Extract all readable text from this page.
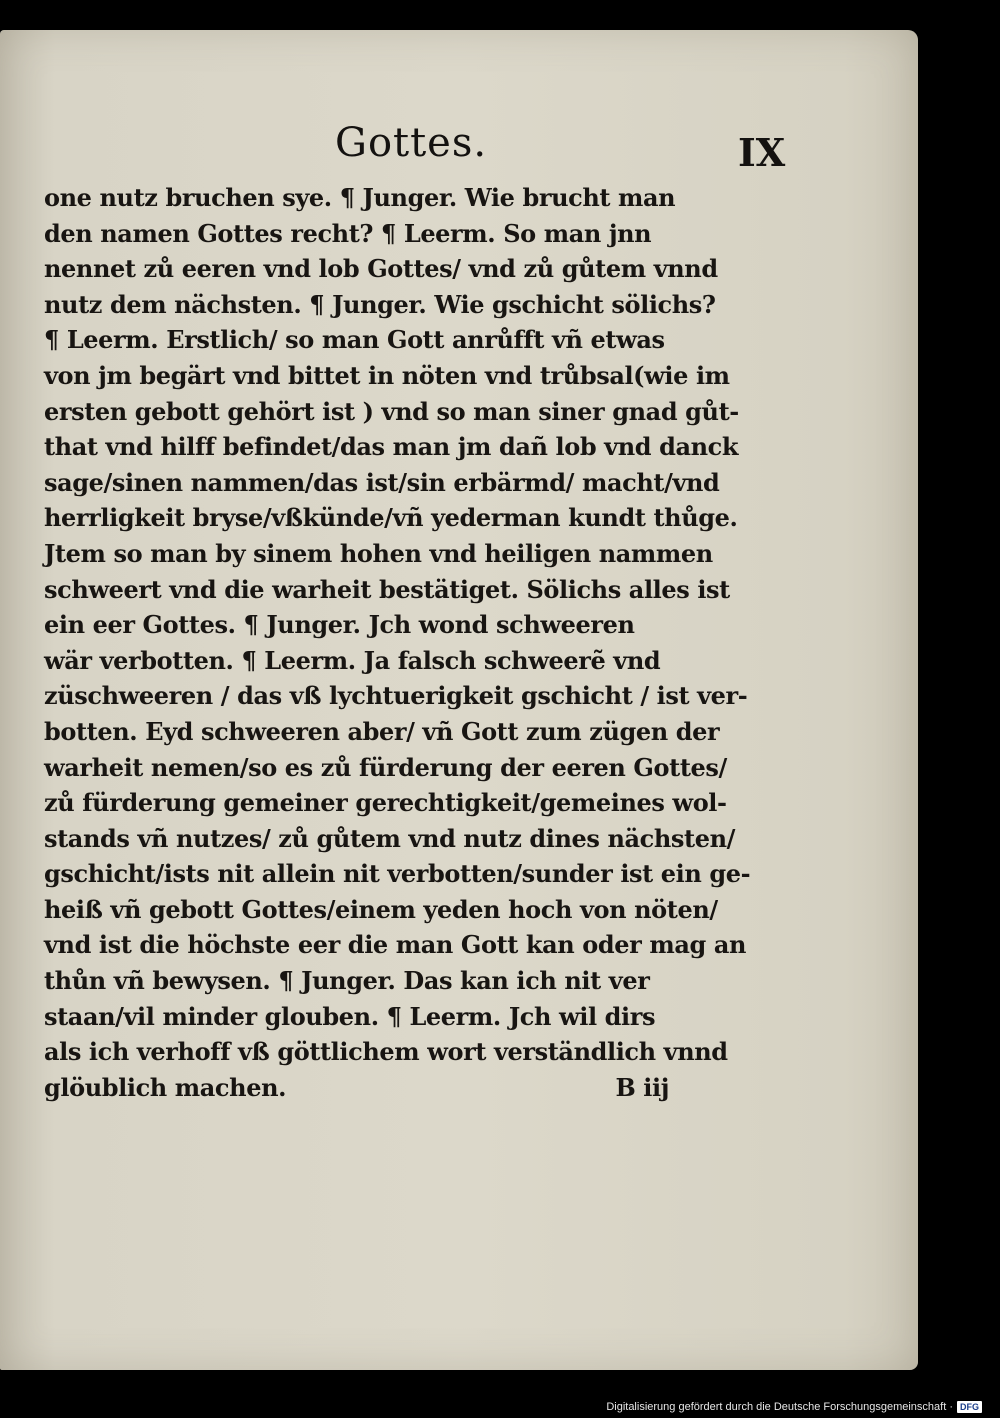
Gottes.	IX
one nutz bruchen sye. ¶ Junger. Wie brucht man
den namen Gottes recht? ¶ Leerm. So man jnn
nennet zů eeren vnd lob Gottes/ vnd zů gůtem vnnd
nutz dem nächsten. ¶ Junger. Wie gschicht sölichs?
¶ Leerm. Erstlich/ so man Gott anrůfft vñ etwas
von jm begärt vnd bittet in nöten vnd trůbsal(wie im
ersten gebott gehört ist ) vnd so man siner gnad gůt-
that vnd hilff befindet/das man jm dañ lob vnd danck
sage/sinen nammen/das ist/sin erbärmd/ macht/vnd
herrligkeit bryse/vßkünde/vñ yederman kundt thůge.
Jtem so man by sinem hohen vnd heiligen nammen
schweert vnd die warheit bestätiget. Sölichs alles ist
ein eer Gottes. ¶ Junger. Jch wond schweeren
wär verbotten. ¶ Leerm. Ja falsch schweerẽ vnd
züschweeren / das vß lychtuerigkeit gschicht / ist ver-
botten. Eyd schweeren aber/ vñ Gott zum zügen der
warheit nemen/so es zů fürderung der eeren Gottes/
zů fürderung gemeiner gerechtigkeit/gemeines wol-
stands vñ nutzes/ zů gůtem vnd nutz dines nächsten/
gschicht/ists nit allein nit verbotten/sunder ist ein ge-
heiß vñ gebott Gottes/einem yeden hoch von nöten/
vnd ist die höchste eer die man Gott kan oder mag an
thůn vñ bewysen. ¶ Junger. Das kan ich nit ver
staan/vil minder glouben. ¶ Leerm. Jch wil dirs
als ich verhoff vß göttlichem wort verständlich vnnd
glöublich machen.	B iij
Digitalisierung gefördert durch die Deutsche Forschungsgemeinschaft · DFG
